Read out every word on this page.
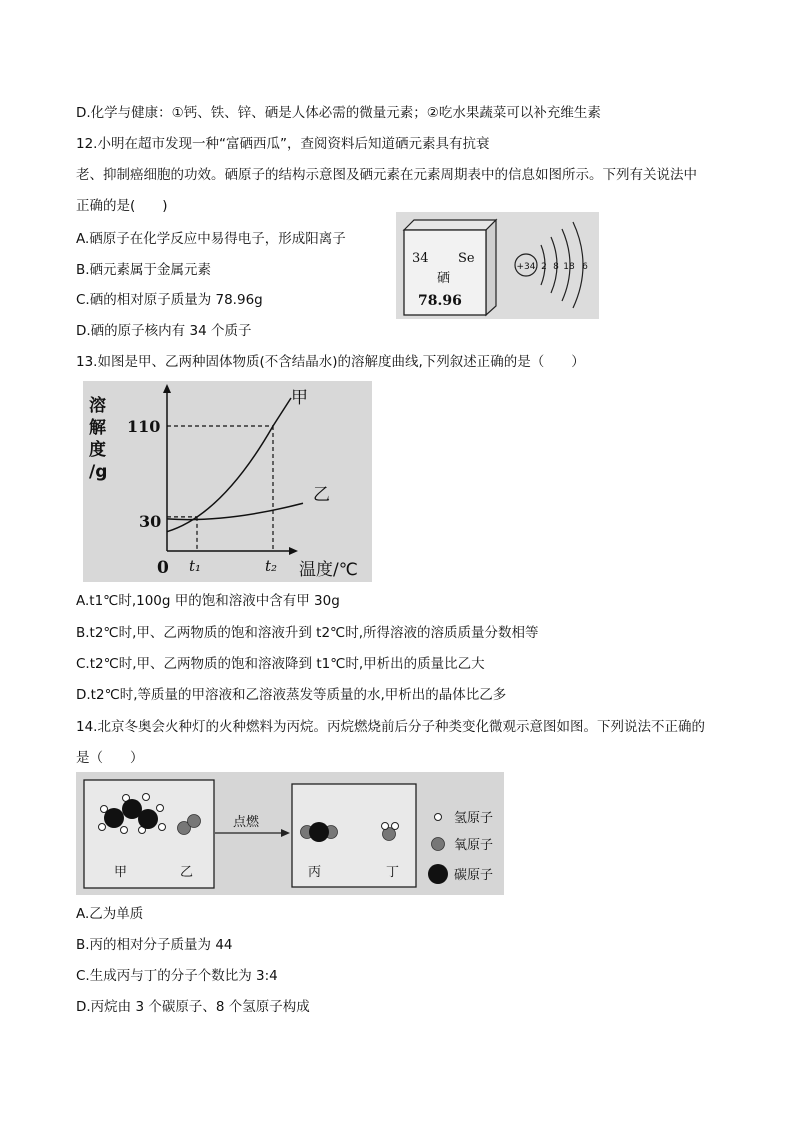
D.化学与健康：①钙、铁、锌、硒是人体必需的微量元素；②吃水果蔬菜可以补充维生素
12.小明在超市发现一种“富硒西瓜”，查阅资料后知道硒元素具有抗衰
老、抑制癌细胞的功效。硒原子的结构示意图及硒元素在元素周期表中的信息如图所示。下列有关说法中
正确的是(　　)
A.硒原子在化学反应中易得电子，形成阳离子
B.硒元素属于金属元素
C.硒的相对原子质量为 78.96g
D.硒的原子核内有 34 个质子
13.如图是甲、乙两种固体物质(不含结晶水)的溶解度曲线,下列叙述正确的是（　　）
34 Se
硒
78.96
+34 2 8 18 6
溶 解 度 /g
甲
乙
30
110
t₁	t₂
0	温度/℃
A.t1℃时,100g 甲的饱和溶液中含有甲 30g
B.t2℃时,甲、乙两物质的饱和溶液升到 t2℃时,所得溶液的溶质质量分数相等
C.t2℃时,甲、乙两物质的饱和溶液降到 t1℃时,甲析出的质量比乙大
D.t2℃时,等质量的甲溶液和乙溶液蒸发等质量的水,甲析出的晶体比乙多
14.北京冬奥会火种灯的火种燃料为丙烷。丙烷燃烧前后分子种类变化微观示意图如图。下列说法不正确的
是（　　）
甲	乙
点燃
丙	丁
氢原子
氧原子
碳原子
A.乙为单质
B.丙的相对分子质量为 44
C.生成丙与丁的分子个数比为 3:4
D.丙烷由 3 个碳原子、8 个氢原子构成
